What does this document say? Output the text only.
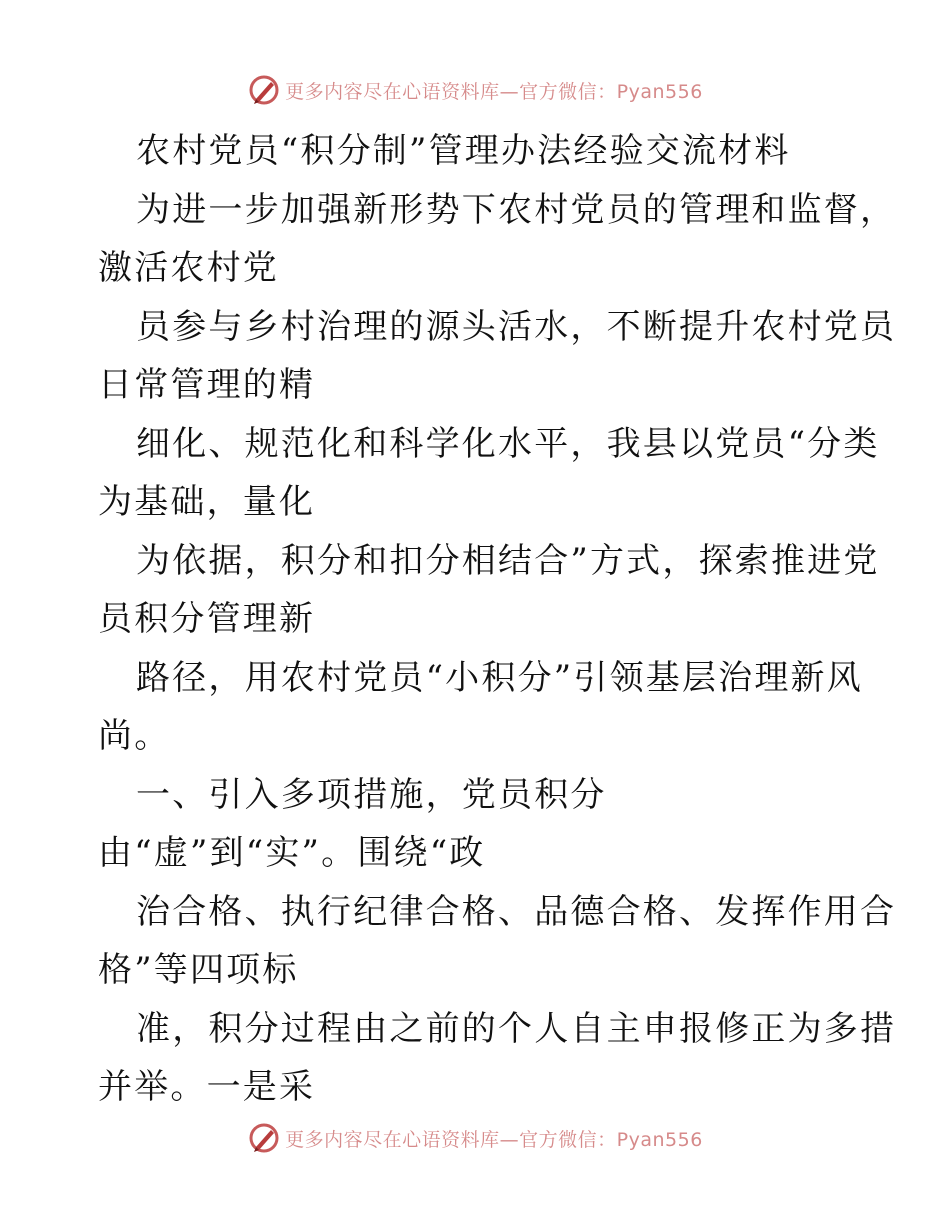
更多内容尽在心语资料库—官方微信：Pyan556
农村党员“积分制”管理办法经验交流材料
为进一步加强新形势下农村党员的管理和监督，
激活农村党
员参与乡村治理的源头活水，不断提升农村党员
日常管理的精
细化、规范化和科学化水平，我县以党员“分类
为基础，量化
为依据，积分和扣分相结合”方式，探索推进党
员积分管理新
路径，用农村党员“小积分”引领基层治理新风
尚。
一、引入多项措施，党员积分
由“虚”到“实”。围绕“政
治合格、执行纪律合格、品德合格、发挥作用合
格”等四项标
准，积分过程由之前的个人自主申报修正为多措
并举。一是采
更多内容尽在心语资料库—官方微信：Pyan556
